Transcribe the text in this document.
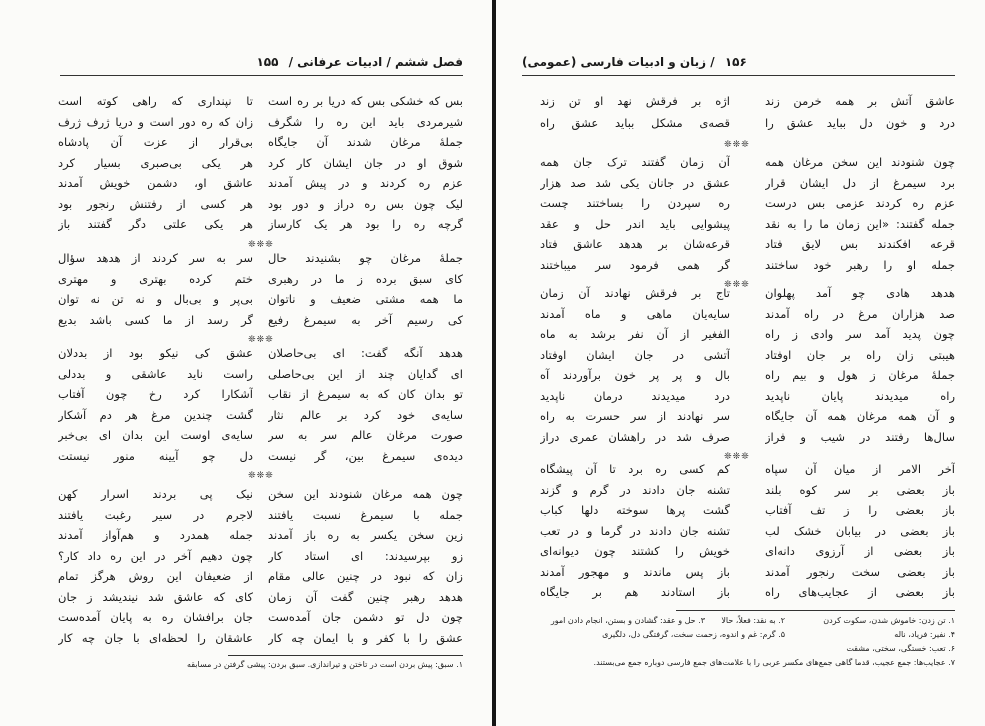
فصل ششم / ادبیات عرفانی / ۱۵۵
بس که خشکی بس که دریا بر ره است
تا نپنداری که راهی کوته است
شیرمردی باید این ره را شگرف
زان که ره دور است و دریا ژرف ژرف
جملهٔ مرغان شدند آن جایگاه
بی‌قرار از عزت آن پادشاه
شوق او در جان ایشان کار کرد
هر یکی بی‌صبری بسیار کرد
عزم ره کردند و در پیش آمدند
عاشق او، دشمن خویش آمدند
لیک چون بس ره دراز و دور بود
هر کسی از رفتنش رنجور بود
گرچه ره را بود هر یک کارساز
هر یکی علتی دگر گفتند باز
❊❊❊
جملهٔ مرغان چو بشنیدند حال
سر به سر کردند از هدهد سؤال
کای سبق برده ز ما در رهبری
ختم کرده بهتری و مهتری
ما همه مشتی ضعیف و ناتوان
بی‌پر و بی‌بال و نه تن نه توان
کی رسیم آخر به سیمرغ رفیع
گر رسد از ما کسی باشد بدیع
❊❊❊
هدهد آنگه گفت: ای بی‌حاصلان
عشق کی نیکو بود از بددلان
ای گدایان چند از این بی‌حاصلی
راست ناید عاشقی و بددلی
تو بدان کان که به سیمرغ از نقاب
آشکارا کرد رخ چون آفتاب
سایه‌ی خود کرد بر عالم نثار
گشت چندین مرغ هر دم آشکار
صورت مرغان عالم سر به سر
سایه‌ی اوست این بدان ای بی‌خبر
دیده‌ی سیمرغ بین، گر نیست
دل چو آیینه منور نیستت
❊❊❊
چون همه مرغان شنودند این سخن
نیک پی بردند اسرار کهن
جمله با سیمرغ نسبت یافتند
لاجرم در سیر رغبت یافتند
زین سخن یکسر به ره باز آمدند
جمله همدرد و هم‌آواز آمدند
زو بپرسیدند: ای استاد کار
چون دهیم آخر در این ره داد کار؟
زان که نبود در چنین عالی مقام
از ضعیفان این روش هرگز تمام
هدهد رهبر چنین گفت آن زمان
کای که عاشق شد نیندیشد ز جان
چون دل تو دشمن جان آمده‌ست
جان برافشان ره به پایان آمده‌ست
عشق را با کفر و با ایمان چه کار
عاشقان را لحظه‌ای با جان چه کار
۱. سبق: پیش بردن است در تاختن و تیراندازی. سبق بردن: پیشی گرفتن در مسابقه
۱۵۶ / زبان و ادبیات فارسی (عمومی)
عاشق آتش بر همه خرمن زند
اژه بر فرقش نهد او تن زند
درد و خون دل بباید عشق را
قصه‌ی مشکل بباید عشق راه
❊❊❊
چون شنودند این سخن مرغان همه
آن زمان گفتند ترک جان همه
برد سیمرغ از دل ایشان قرار
عشق در جانان یکی شد صد هزار
عزم ره کردند عزمی بس درست
ره سپردن را بساختند چست
جمله گفتند: «این زمان ما را به نقد
پیشوایی باید اندر حل و عقد
قرعه افکندند بس لایق فتاد
قرعه‌شان بر هدهد عاشق فتاد
جمله او را رهبر خود ساختند
گر همی فرمود سر میباختند
❊❊❊
هدهد هادی چو آمد پهلوان
تاج بر فرقش نهادند آن زمان
صد هزاران مرغ در راه آمدند
سایه‌یان ماهی و ماه آمدند
چون پدید آمد سر وادی ز راه
الفغیر از آن نفر برشد به ماه
هیبتی زان راه بر جان اوفتاد
آتشی در جان ایشان اوفتاد
جملهٔ مرغان ز هول و بیم راه
بال و پر پر خون برآوردند آه
راه میدیدند پایان ناپدید
درد میدیدند درمان ناپدید
و آن همه مرغان همه آن جایگاه
سر نهادند از سر حسرت به راه
سال‌ها رفتند در شیب و فراز
صرف شد در راهشان عمری دراز
❊❊❊
آخر الامر از میان آن سپاه
کم کسی ره برد تا آن پیشگاه
باز بعضی بر سر کوه بلند
تشنه جان دادند در گرم و گزند
باز بعضی را ز تف آفتاب
گشت پرها سوخته دلها کباب
باز بعضی در بیابان خشک لب
تشنه جان دادند در گرما و در تعب
باز بعضی از آرزوی دانه‌ای
خویش را کشتند چون دیوانه‌ای
باز بعضی سخت رنجور آمدند
باز پس ماندند و مهجور آمدند
باز بعضی از عجایب‌های راه
باز استادند هم بر جایگاه
۱. تن زدن: خاموش شدن، سکوت کردن
۲. به نقد: فعلاً، حالا
۳. حل و عقد: گشادن و بستن، انجام دادن امور
۴. نفیر: فریاد، ناله
۵. گرم: غم و اندوه، زحمت سخت، گرفتگی دل، دلگیری
۶. تعب: خستگی، سختی، مشقت
۷. عجایب‌ها: جمع عجیب، قدما گاهی جمع‌های مکسر عربی را با علامت‌های جمع فارسی دوباره جمع می‌بستند.
